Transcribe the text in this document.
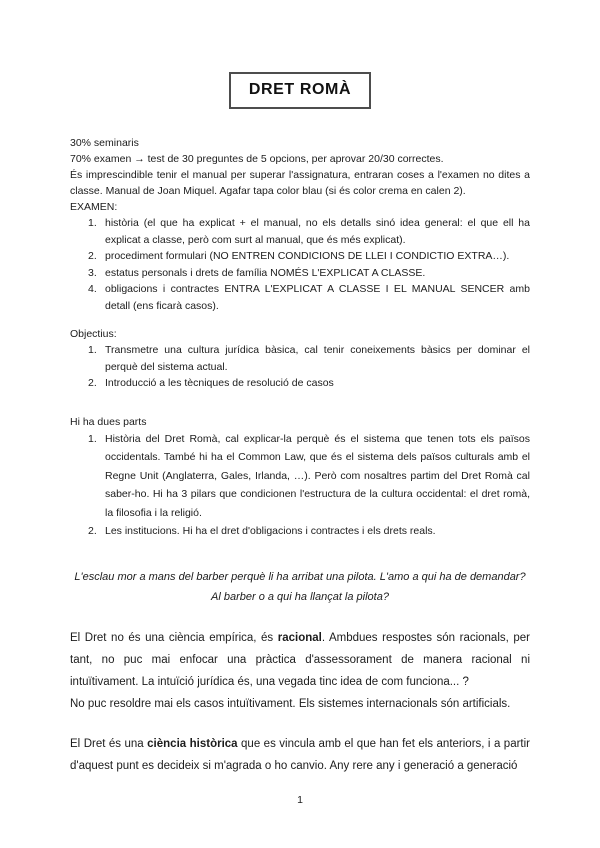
DRET ROMÀ

30% seminaris

70% examen → test de 30 preguntes de 5 opcions, per aprovar 20/30 correctes.

És imprescindible tenir el manual per superar l'assignatura, entraran coses a l'examen no dites a classe. Manual de Joan Miquel. Agafar tapa color blau (si és color crema en calen 2).

EXAMEN:

1. història (el que ha explicat + el manual, no els detalls sinó idea general: el que ell ha explicat a classe, però com surt al manual, que és més explicat).
2. procediment formulari (NO ENTREN CONDICIONS DE LLEI I CONDICTIO EXTRA…).
3. estatus personals i drets de família NOMÉS L'EXPLICAT A CLASSE.
4. obligacions i contractes ENTRA L'EXPLICAT A CLASSE I EL MANUAL SENCER amb detall (ens ficarà casos).

Objectius:

1. Transmetre una cultura jurídica bàsica, cal tenir coneixements bàsics per dominar el perquè del sistema actual.
2. Introducció a les tècniques de resolució de casos

Hi ha dues parts

1. Història del Dret Romà, cal explicar-la perquè és el sistema que tenen tots els països occidentals. També hi ha el Common Law, que és el sistema dels països culturals amb el Regne Unit (Anglaterra, Gales, Irlanda, …). Però com nosaltres partim del Dret Romà cal saber-ho. Hi ha 3 pilars que condicionen l'estructura de la cultura occidental: el dret romà, la filosofia i la religió.
2. Les institucions. Hi ha el dret d'obligacions i contractes i els drets reals.

L'esclau mor a mans del barber perquè li ha arribat una pilota. L'amo a qui ha de demandar?

Al barber o a qui ha llançat la pilota?

El Dret no és una ciència empírica, és racional. Ambdues respostes són racionals, per tant, no puc mai enfocar una pràctica d'assessorament de manera racional ni intuïtivament. La intuïció jurídica és, una vegada tinc idea de com funciona... ?

No puc resoldre mai els casos intuïtivament. Els sistemes internacionals són artificials.

El Dret és una ciència històrica que es vincula amb el que han fet els anteriors, i a partir d'aquest punt es decideix si m'agrada o ho canvio. Any rere any i generació a generació

1
